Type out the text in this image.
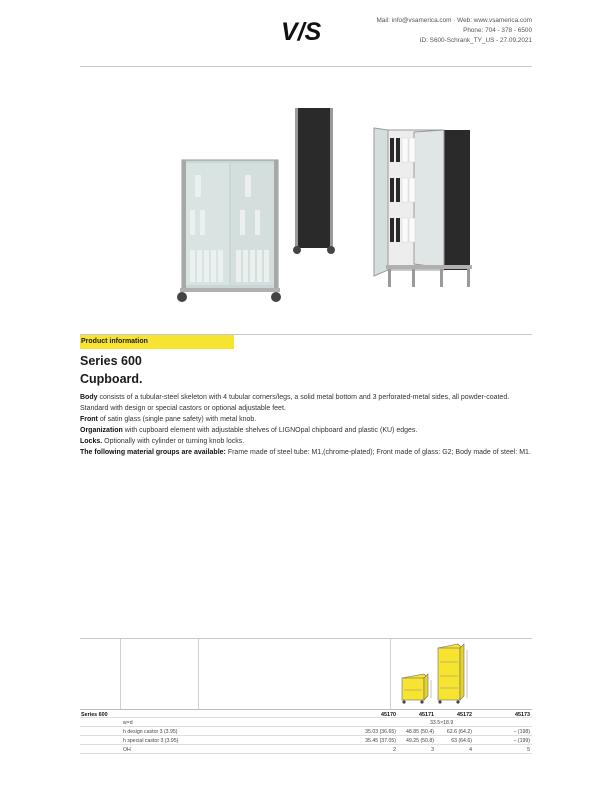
V/S	Mail: info@vsamerica.com · Web: www.vsamerica.com
Phone: 704 - 378 - 6500
ID: S600-Schrank_TY_US - 27.09.2021
Product information
Series 600
Cupboard.

Body consists of a tubular-steel skeleton with 4 tubular corners/legs, a solid metal bottom and 3 perforated-metal sides, all powder-coated. Standard with design or special castors or optional adjustable feet.

Front of satin glass (single pane safety) with metal knob.

Organization with cupboard element with adjustable shelves of LIGNOpal chipboard and plastic (KU) edges.

Locks. Optionally with cylinder or turning knob locks.

The following material groups are available: Frame made of steel tube: M1,(chrome-plated); Front made of glass: G2; Body made of steel: M1.

Series 600	45170	45171	45172	45173
w×d	33.5×18.9
h design castor 3 (3.95)	35.03 (36.65)	48.85 (50.4)	62.6 (64.2)	– (198)
h special castor 3 (3.95)	35.45 (37.05)	49.25 (50.8)	63 (64.6)	– (199)
OH	2	3	4	5
